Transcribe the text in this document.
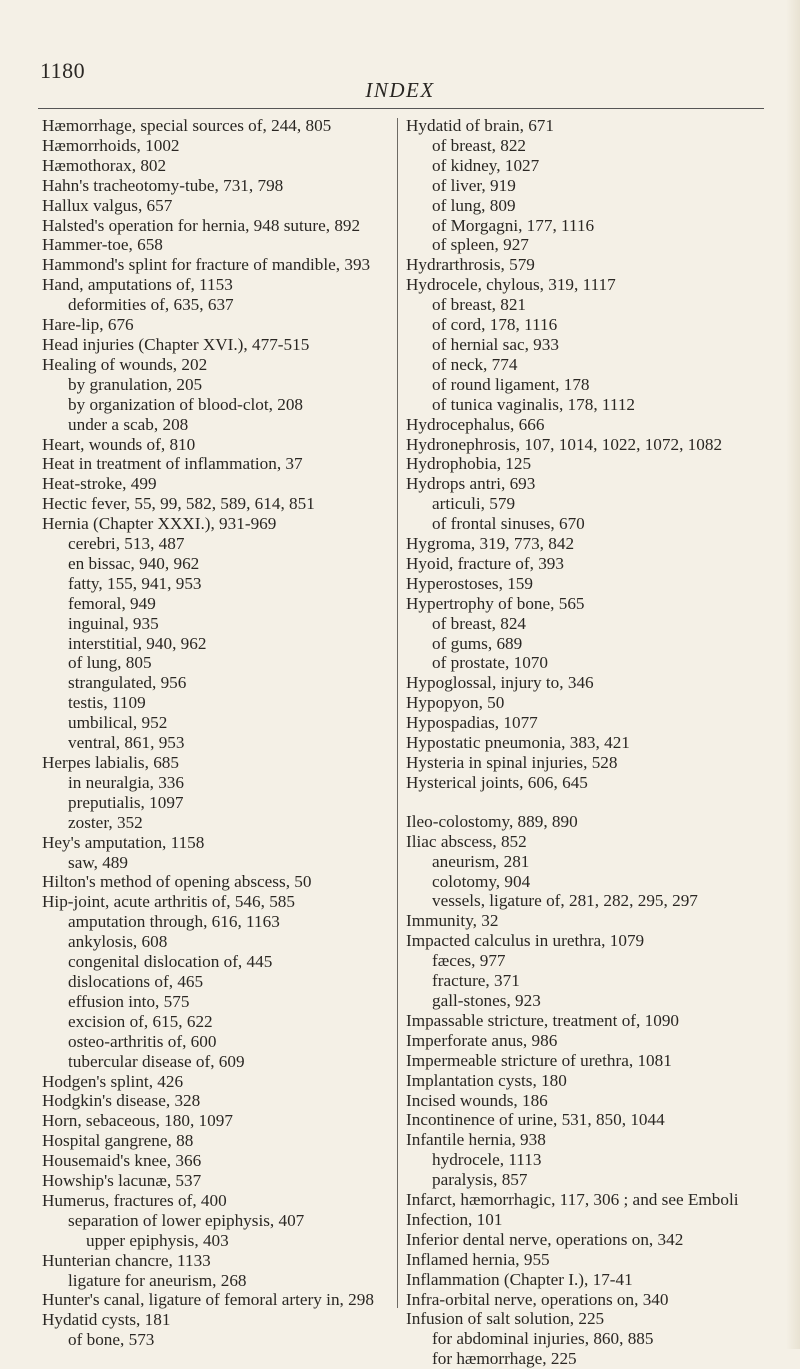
1180
INDEX
Hæmorrhage, special sources of, 244, 805
Hæmorrhoids, 1002
Hæmothorax, 802
Hahn's tracheotomy-tube, 731, 798
Hallux valgus, 657
Halsted's operation for hernia, 948 suture, 892
Hammer-toe, 658
Hammond's splint for fracture of mandible, 393
Hand, amputations of, 1153
deformities of, 635, 637
Hare-lip, 676
Head injuries (Chapter XVI.), 477-515
Healing of wounds, 202
by granulation, 205
by organization of blood-clot, 208
under a scab, 208
Heart, wounds of, 810
Heat in treatment of inflammation, 37
Heat-stroke, 499
Hectic fever, 55, 99, 582, 589, 614, 851
Hernia (Chapter XXXI.), 931-969
cerebri, 513, 487
en bissac, 940, 962
fatty, 155, 941, 953
femoral, 949
inguinal, 935
interstitial, 940, 962
of lung, 805
strangulated, 956
testis, 1109
umbilical, 952
ventral, 861, 953
Herpes labialis, 685
in neuralgia, 336
preputialis, 1097
zoster, 352
Hey's amputation, 1158
saw, 489
Hilton's method of opening abscess, 50
Hip-joint, acute arthritis of, 546, 585
amputation through, 616, 1163
ankylosis, 608
congenital dislocation of, 445
dislocations of, 465
effusion into, 575
excision of, 615, 622
osteo-arthritis of, 600
tubercular disease of, 609
Hodgen's splint, 426
Hodgkin's disease, 328
Horn, sebaceous, 180, 1097
Hospital gangrene, 88
Housemaid's knee, 366
Howship's lacunæ, 537
Humerus, fractures of, 400
separation of lower epiphysis, 407
upper epiphysis, 403
Hunterian chancre, 1133
ligature for aneurism, 268
Hunter's canal, ligature of femoral artery in, 298
Hydatid cysts, 181
of bone, 573
Hydatid of brain, 671
of breast, 822
of kidney, 1027
of liver, 919
of lung, 809
of Morgagni, 177, 1116
of spleen, 927
Hydrarthrosis, 579
Hydrocele, chylous, 319, 1117
of breast, 821
of cord, 178, 1116
of hernial sac, 933
of neck, 774
of round ligament, 178
of tunica vaginalis, 178, 1112
Hydrocephalus, 666
Hydronephrosis, 107, 1014, 1022, 1072, 1082
Hydrophobia, 125
Hydrops antri, 693
articuli, 579
of frontal sinuses, 670
Hygroma, 319, 773, 842
Hyoid, fracture of, 393
Hyperostoses, 159
Hypertrophy of bone, 565
of breast, 824
of gums, 689
of prostate, 1070
Hypoglossal, injury to, 346
Hypopyon, 50
Hypospadias, 1077
Hypostatic pneumonia, 383, 421
Hysteria in spinal injuries, 528
Hysterical joints, 606, 645
Ileo-colostomy, 889, 890
Iliac abscess, 852
aneurism, 281
colotomy, 904
vessels, ligature of, 281, 282, 295, 297
Immunity, 32
Impacted calculus in urethra, 1079
fæces, 977
fracture, 371
gall-stones, 923
Impassable stricture, treatment of, 1090
Imperforate anus, 986
Impermeable stricture of urethra, 1081
Implantation cysts, 180
Incised wounds, 186
Incontinence of urine, 531, 850, 1044
Infantile hernia, 938
hydrocele, 1113
paralysis, 857
Infarct, hæmorrhagic, 117, 306 ; and see Emboli
Infection, 101
Inferior dental nerve, operations on, 342
Inflamed hernia, 955
Inflammation (Chapter I.), 17-41
Infra-orbital nerve, operations on, 340
Infusion of salt solution, 225
for abdominal injuries, 860, 885
for hæmorrhage, 225
